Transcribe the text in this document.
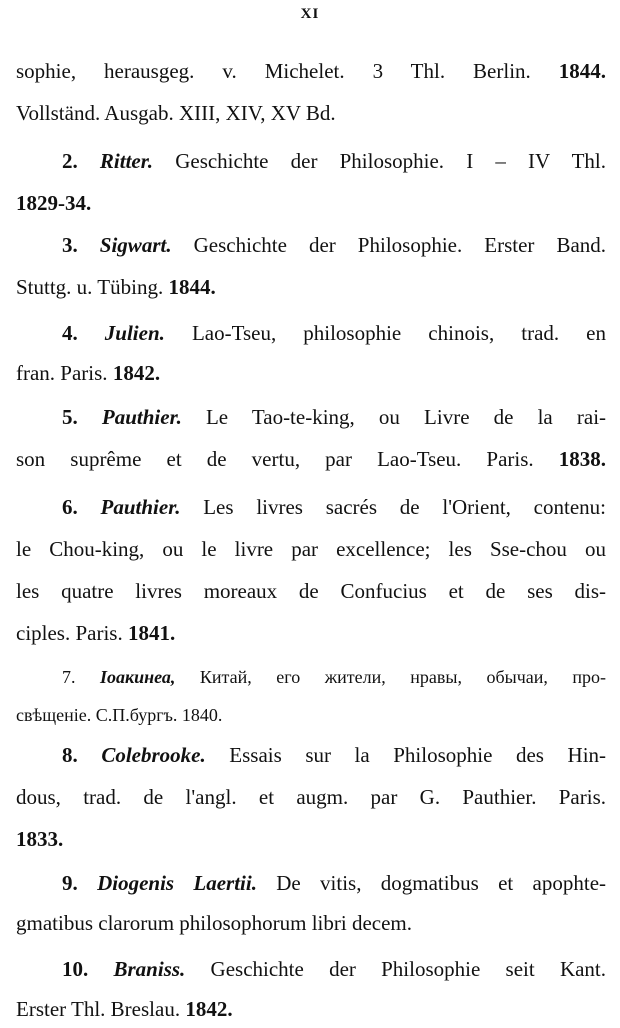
XI
sophie, herausgeg. v. Michelet. 3 Thl. Berlin. 1844.
Vollständ. Ausgab. XIII, XIV, XV Bd.
2. Ritter. Geschichte der Philosophie. I – IV Thl.
1829-34.
3. Sigwart. Geschichte der Philosophie. Erster Band.
Stuttg. u. Tübing. 1844.
4. Julien. Lao-Tseu, philosophie chinois, trad. en
fran. Paris. 1842.
5. Pauthier. Le Tao-te-king, ou Livre de la rai-
son suprême et de vertu, par Lao-Tseu. Paris. 1838.
6. Pauthier. Les livres sacrés de l'Orient, contenu:
le Chou-king, ou le livre par excellence; les Sse-chou ou
les quatre livres moreaux de Confucius et de ses dis-
ciples. Paris. 1841.
7. Іоакинеа, Китай, его жители, нравы, обычаи, про-
свѣщеніе. С.П.бургъ. 1840.
8. Colebrooke. Essais sur la Philosophie des Hin-
dous, trad. de l'angl. et augm. par G. Pauthier. Paris.
1833.
9. Diogenis Laertii. De vitis, dogmatibus et apophte-
gmatibus clarorum philosophorum libri decem.
10. Braniss. Geschichte der Philosophie seit Kant.
Erster Thl. Breslau. 1842.
